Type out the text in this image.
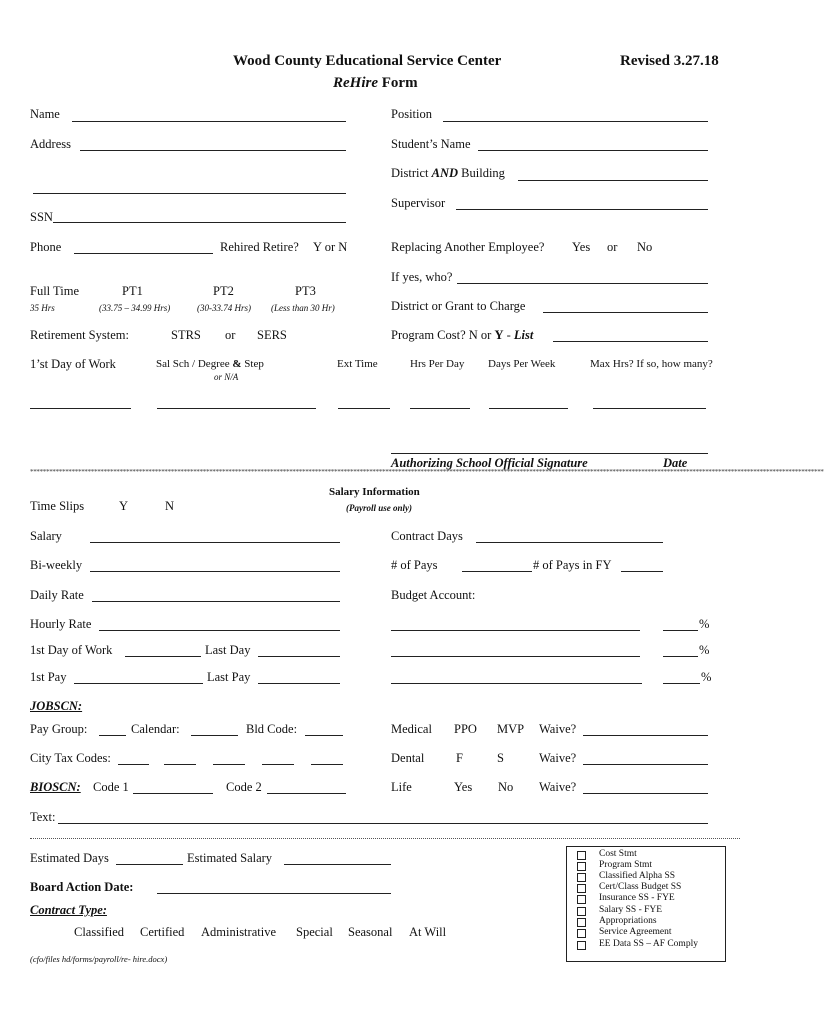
Wood County Educational Service Center	Revised 3.27.18
ReHire Form
Name
Address
SSN
Phone	Rehired Retire? Y or N
Full Time	PT1	PT2	PT3
35 Hrs	(33.75 – 34.99 Hrs)	(30-33.74 Hrs) (Less than 30 Hr)
Retirement System:	STRS or SERS
Position
Student’s Name
District AND Building
Supervisor
Replacing Another Employee? Yes or No
If yes, who?
District or Grant to Charge
Program Cost? N or Y - List
1’st Day of Work	Sal Sch / Degree & Step
or N/A
Ext Time	Hrs Per Day Days Per Week	Max Hrs? If so, how many?
Authorizing School Official Signature	Date
********************************************************************************************************************************************************************************************************************************************************
Salary Information
(Payroll use only)
Time Slips	Y	N
Salary
Bi-weekly
Daily Rate
Hourly Rate
1st Day of Work	Last Day
1st Pay	Last Pay
Contract Days
# of Pays	# of Pays in FY
Budget Account:
%
%
%
JOBSCN:
Pay Group:	Calendar:	Bld Code:
City Tax Codes:
BIOSCN: Code 1	Code 2
Text:
Medical PPO MVP Waive?
Dental	F	S	Waive?
Life	Yes No Waive?
Estimated Days	Estimated Salary
Board Action Date:
Contract Type:
Classified Certified Administrative Special Seasonal At Will
(cfo/files hd/forms/payroll/re- hire.docx)
Cost Stmt
Program Stmt
Classified Alpha SS
Cert/Class Budget SS
Insurance SS - FYE
Salary SS - FYE
Appropriations
Service Agreement
EE Data SS – AF Comply
